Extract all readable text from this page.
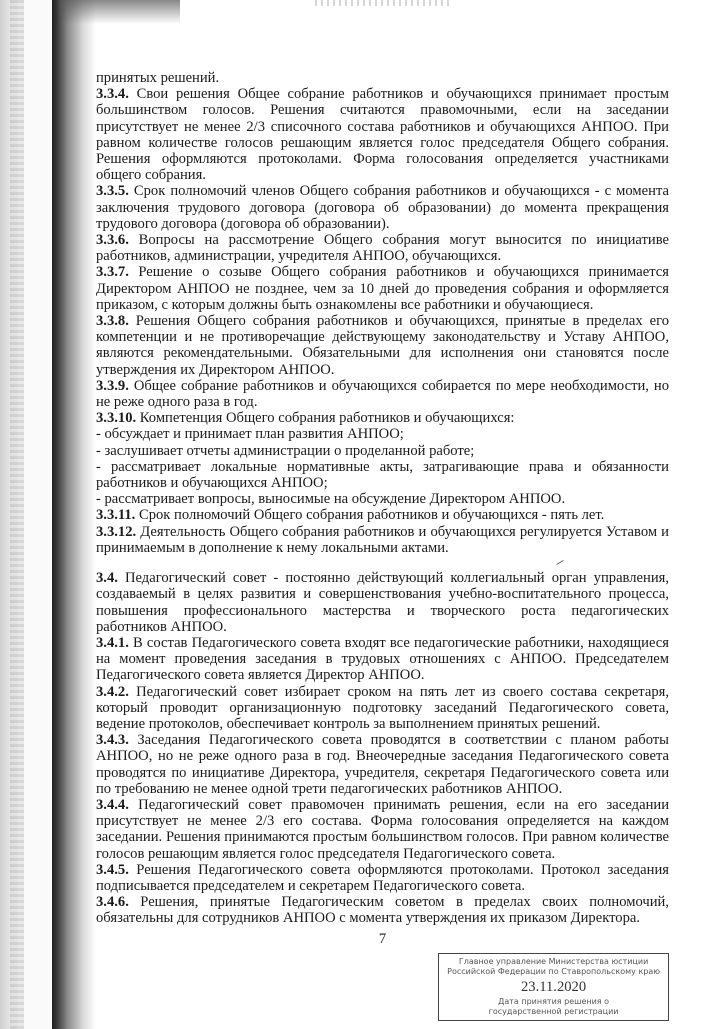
принятых решений.

3.3.4. Свои решения Общее собрание работников и обучающихся принимает простым большинством голосов. Решения считаются правомочными, если на заседании присутствует не менее 2/3 списочного состава работников и обучающихся АНПОО. При равном количестве голосов решающим является голос председателя Общего собрания. Решения оформляются протоколами. Форма голосования определяется участниками общего собрания.

3.3.5. Срок полномочий членов Общего собрания работников и обучающихся - с момента заключения трудового договора (договора об образовании) до момента прекращения трудового договора (договора об образовании).

3.3.6. Вопросы на рассмотрение Общего собрания могут выносится по инициативе работников, администрации, учредителя АНПОО, обучающихся.

3.3.7. Решение о созыве Общего собрания работников и обучающихся принимается Директором АНПОО не позднее, чем за 10 дней до проведения собрания и оформляется приказом, с которым должны быть ознакомлены все работники и обучающиеся.

3.3.8. Решения Общего собрания работников и обучающихся, принятые в пределах его компетенции и не противоречащие действующему законодательству и Уставу АНПОО, являются рекомендательными. Обязательными для исполнения они становятся после утверждения их Директором АНПОО.

3.3.9. Общее собрание работников и обучающихся собирается по мере необходимости, но не реже одного раза в год.

3.3.10. Компетенция Общего собрания работников и обучающихся:

- обсуждает и принимает план развития АНПОО;

- заслушивает отчеты администрации о проделанной работе;

- рассматривает локальные нормативные акты, затрагивающие права и обязанности работников и обучающихся АНПОО;

- рассматривает вопросы, выносимые на обсуждение Директором АНПОО.

3.3.11. Срок полномочий Общего собрания работников и обучающихся - пять лет.

3.3.12. Деятельность Общего собрания работников и обучающихся регулируется Уставом и принимаемым в дополнение к нему локальными актами.

3.4. Педагогический совет - постоянно действующий коллегиальный орган управления, создаваемый в целях развития и совершенствования учебно-воспитательного процесса, повышения профессионального мастерства и творческого роста педагогических работников АНПОО.

3.4.1. В состав Педагогического совета входят все педагогические работники, находящиеся на момент проведения заседания в трудовых отношениях с АНПОО. Председателем Педагогического совета является Директор АНПОО.

3.4.2. Педагогический совет избирает сроком на пять лет из своего состава секретаря, который проводит организационную подготовку заседаний Педагогического совета, ведение протоколов, обеспечивает контроль за выполнением принятых решений.

3.4.3. Заседания Педагогического совета проводятся в соответствии с планом работы АНПОО, но не реже одного раза в год. Внеочередные заседания Педагогического совета проводятся по инициативе Директора, учредителя, секретаря Педагогического совета или по требованию не менее одной трети педагогических работников АНПОО.

3.4.4. Педагогический совет правомочен принимать решения, если на его заседании присутствует не менее 2/3 его состава. Форма голосования определяется на каждом заседании. Решения принимаются простым большинством голосов. При равном количестве голосов решающим является голос председателя Педагогического совета.

3.4.5. Решения Педагогического совета оформляются протоколами. Протокол заседания подписывается председателем и секретарем Педагогического совета.

3.4.6. Решения, принятые Педагогическим советом в пределах своих полномочий, обязательны для сотрудников АНПОО с момента утверждения их приказом Директора.

7
Главное управление Министерства юстиции
Российской Федерации по Ставропольскому краю
23.11.2020
Дата принятия решения о
государственной регистрации
